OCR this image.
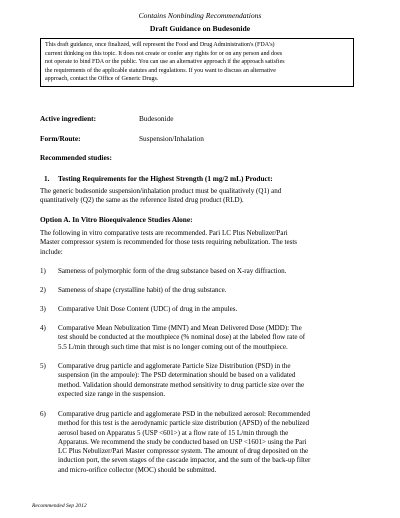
Contains Nonbinding Recommendations
Draft Guidance on Budesonide
This draft guidance, once finalized, will represent the Food and Drug Administration's (FDA's)
current thinking on this topic. It does not create or confer any rights for or on any person and does
not operate to bind FDA or the public. You can use an alternative approach if the approach satisfies
the requirements of the applicable statutes and regulations. If you want to discuss an alternative
approach, contact the Office of Generic Drugs.
Active ingredient:	Budesonide
Form/Route:	Suspension/Inhalation
Recommended studies:
1. Testing Requirements for the Highest Strength (1 mg/2 mL) Product:
The generic budesonide suspension/inhalation product must be qualitatively (Q1) and
quantitatively (Q2) the same as the reference listed drug product (RLD).
Option A. In Vitro Bioequivalence Studies Alone:
The following in vitro comparative tests are recommended. Pari LC Plus Nebulizer/Pari
Master compressor system is recommended for those tests requiring nebulization. The tests
include:
1) Sameness of polymorphic form of the drug substance based on X-ray diffraction.
2) Sameness of shape (crystalline habit) of the drug substance.
3) Comparative Unit Dose Content (UDC) of drug in the ampules.
4) Comparative Mean Nebulization Time (MNT) and Mean Delivered Dose (MDD): The
test should be conducted at the mouthpiece (% nominal dose) at the labeled flow rate of
5.5 L/min through such time that mist is no longer coming out of the mouthpiece.
5) Comparative drug particle and agglomerate Particle Size Distribution (PSD) in the
suspension (in the ampoule): The PSD determination should be based on a validated
method. Validation should demonstrate method sensitivity to drug particle size over the
expected size range in the suspension.
6) Comparative drug particle and agglomerate PSD in the nebulized aerosol: Recommended
method for this test is the aerodynamic particle size distribution (APSD) of the nebulized
aerosol based on Apparatus 5 (USP <601>) at a flow rate of 15 L/min through the
Apparatus. We recommend the study be conducted based on USP <1601> using the Pari
LC Plus Nebulizer/Pari Master compressor system. The amount of drug deposited on the
induction port, the seven stages of the cascade impactor, and the sum of the back-up filter
and micro-orifice collector (MOC) should be submitted.
Recommended Sep 2012
